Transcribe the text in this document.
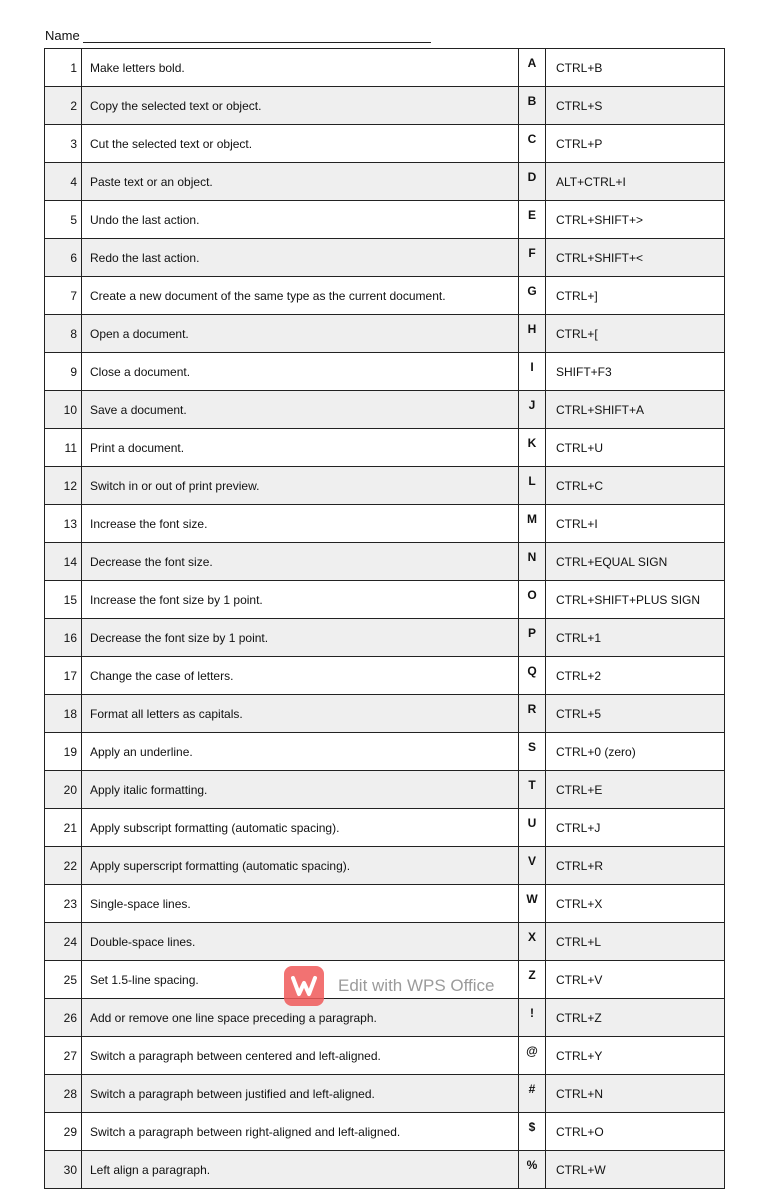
Name
1	Make letters bold.	A	CTRL+B
2	Copy the selected text or object.	B	CTRL+S
3	Cut the selected text or object.	C	CTRL+P
4	Paste text or an object.	D	ALT+CTRL+I
5	Undo the last action.	E	CTRL+SHIFT+>
6	Redo the last action.	F	CTRL+SHIFT+<
7	Create a new document of the same type as the current document.	G	CTRL+]
8	Open a document.	H	CTRL+[
9	Close a document.	I	SHIFT+F3
10	Save a document.	J	CTRL+SHIFT+A
11	Print a document.	K	CTRL+U
12	Switch in or out of print preview.	L	CTRL+C
13	Increase the font size.	M	CTRL+I
14	Decrease the font size.	N	CTRL+EQUAL SIGN
15	Increase the font size by 1 point.	O	CTRL+SHIFT+PLUS SIGN
16	Decrease the font size by 1 point.	P	CTRL+1
17	Change the case of letters.	Q	CTRL+2
18	Format all letters as capitals.	R	CTRL+5
19	Apply an underline.	S	CTRL+0 (zero)
20	Apply italic formatting.	T	CTRL+E
21	Apply subscript formatting (automatic spacing).	U	CTRL+J
22	Apply superscript formatting (automatic spacing).	V	CTRL+R
23	Single-space lines.	W	CTRL+X
24	Double-space lines.	X	CTRL+L
25	Set 1.5-line spacing.	Z	CTRL+V
26	Add or remove one line space preceding a paragraph.	!	CTRL+Z
27	Switch a paragraph between centered and left-aligned.	@	CTRL+Y
28	Switch a paragraph between justified and left-aligned.	#	CTRL+N
29	Switch a paragraph between right-aligned and left-aligned.	$	CTRL+O
30	Left align a paragraph.	%	CTRL+W
Edit with WPS Office
